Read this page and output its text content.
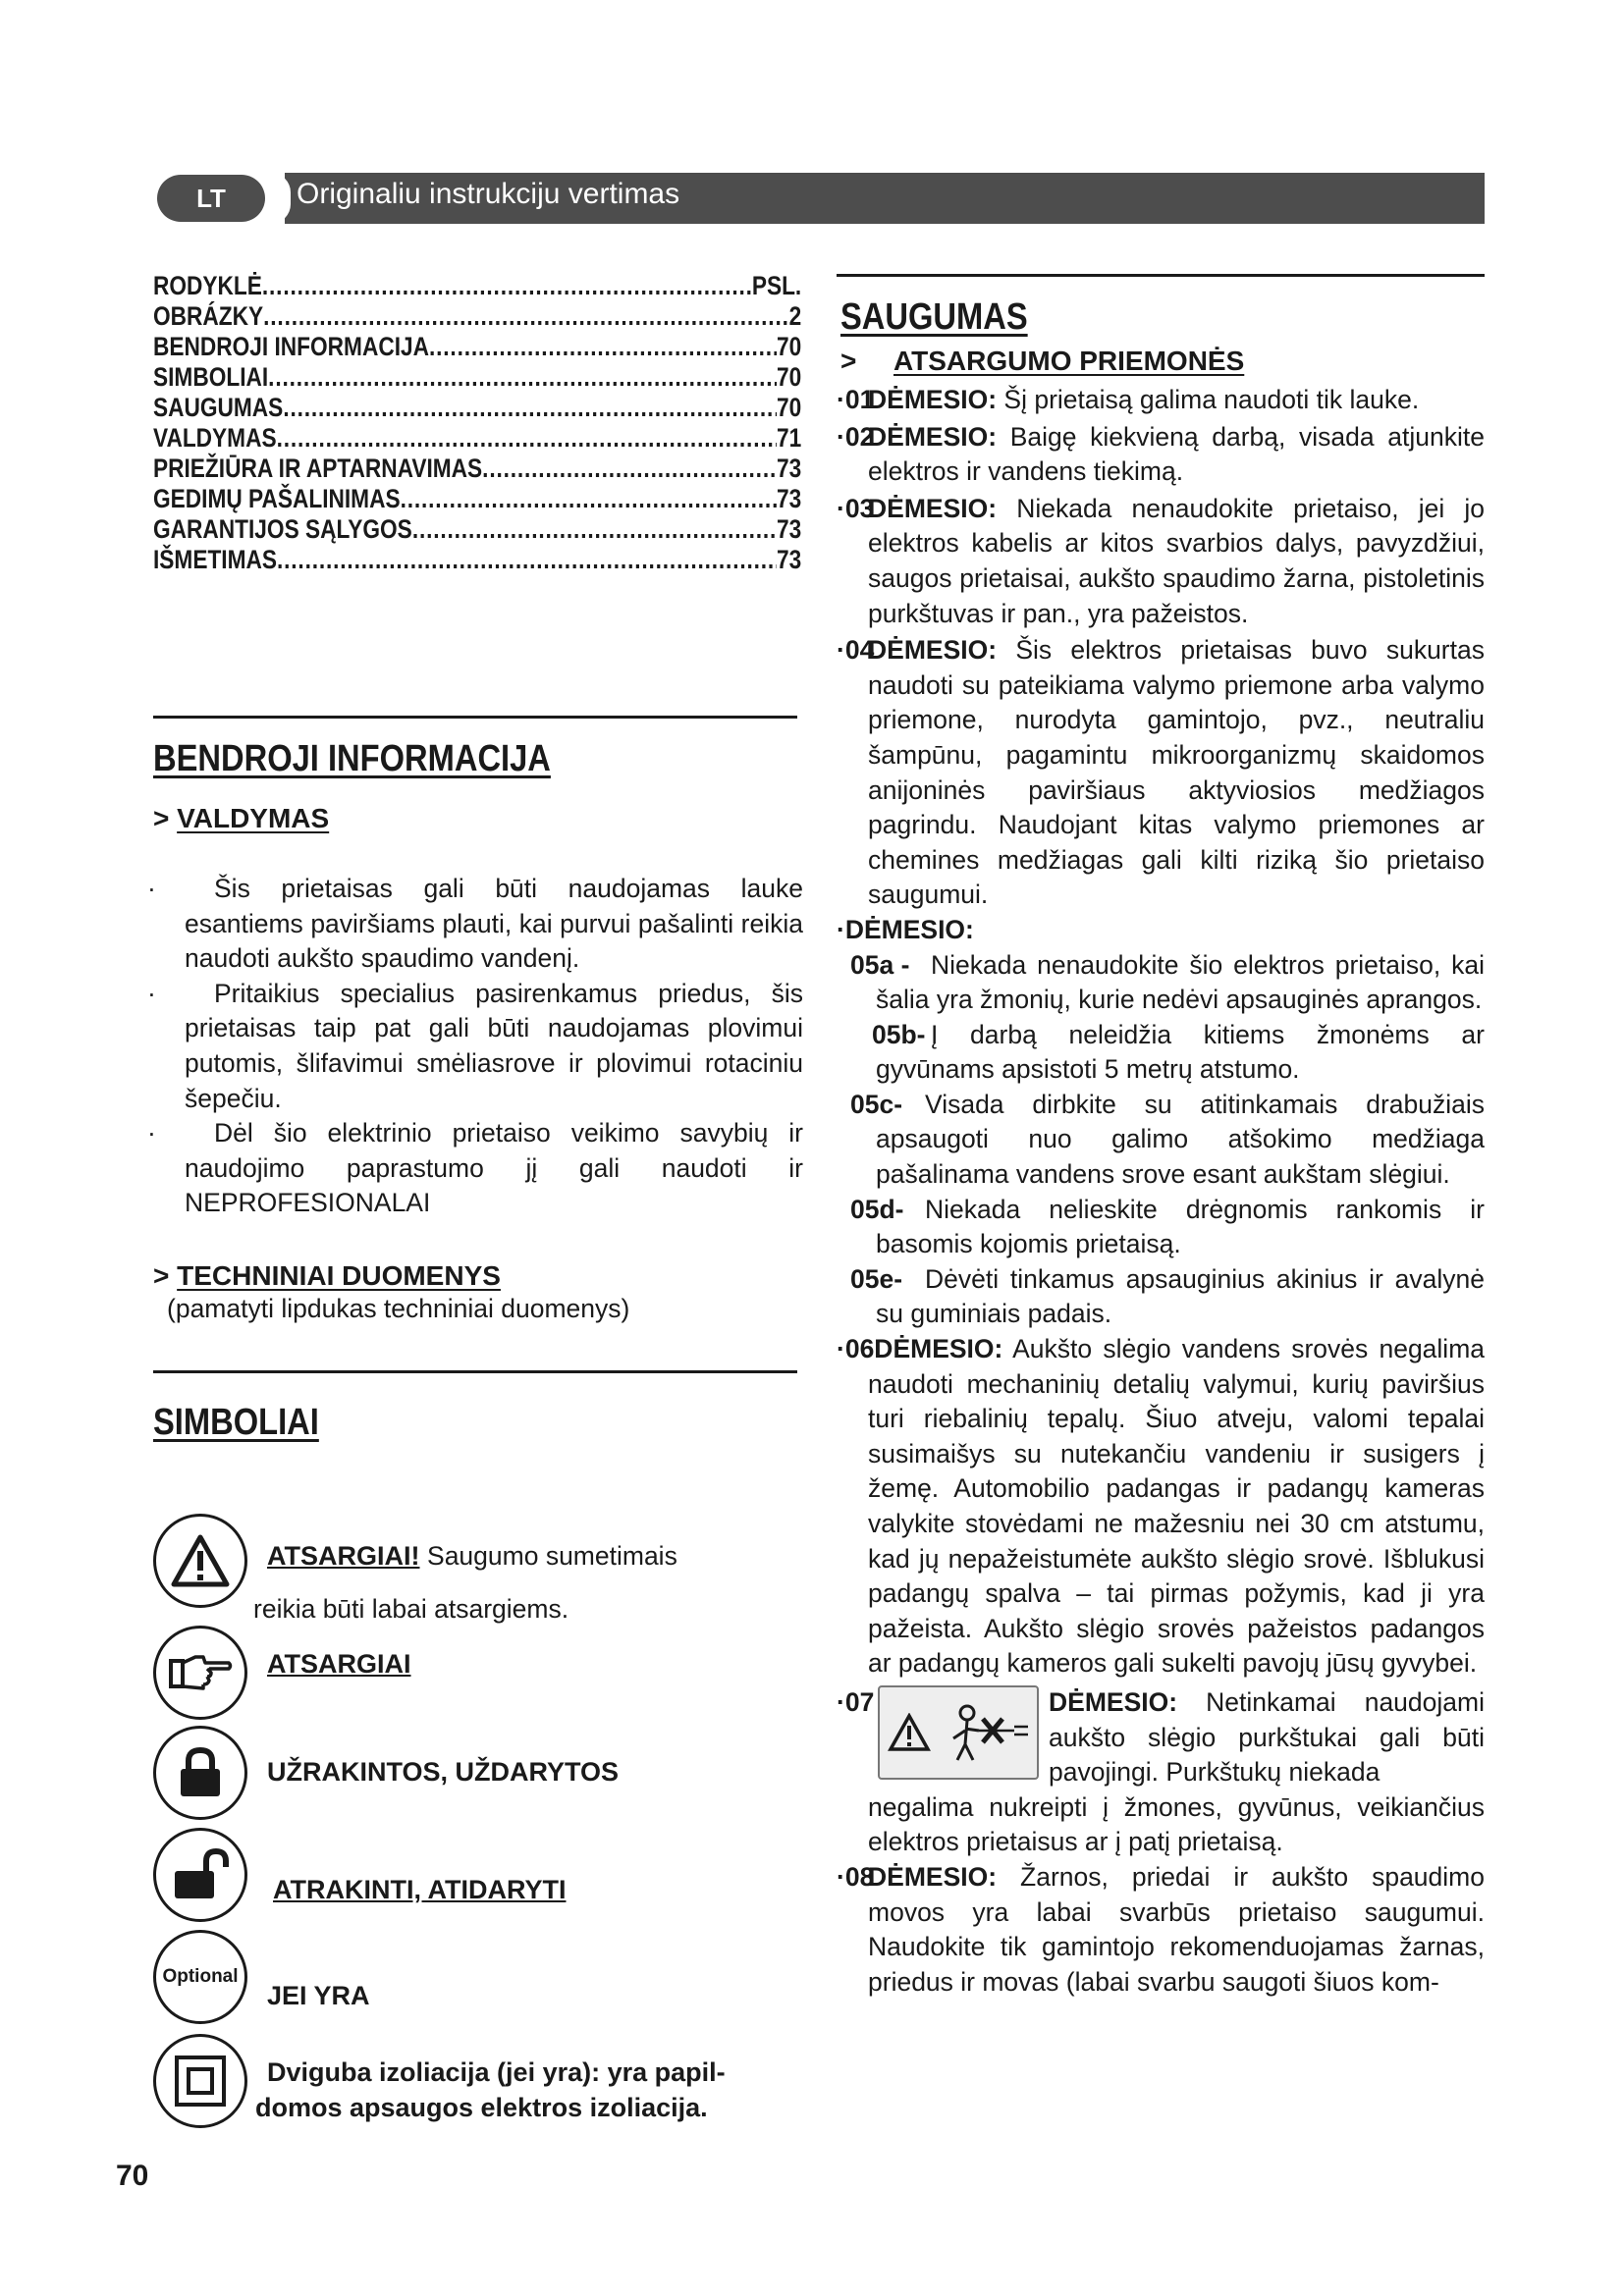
LT	Originaliu instrukciju vertimas
RODYKLĖ .....	PSL.
OBRÁZKY .....	2
BENDROJI INFORMACIJA .....	70
SIMBOLIAI .....	70
SAUGUMAS .....	70
VALDYMAS .....	71
PRIEŽIŪRA IR APTARNAVIMAS .....	73
GEDIMŲ PAŠALINIMAS .....	73
GARANTIJOS SĄLYGOS .....	73
IŠMETIMAS .....	73
BENDROJI INFORMACIJA
> VALDYMAS
· Šis prietaisas gali būti naudojamas lauke esantiems paviršiams plauti, kai purvui pašalinti reikia naudoti aukšto spaudimo vandenį.
· Pritaikius specialius pasirenkamus priedus, šis prietaisas taip pat gali būti naudojamas plovimui putomis, šlifavimui smėliasrove ir plovimui rotaciniu šepečiu.
· Dėl šio elektrinio prietaiso veikimo savybių ir naudojimo paprastumo jį gali naudoti ir NEPROFESIONALAI
> TECHNINIAI DUOMENYS
(pamatyti lipdukas techniniai duomenys)
SIMBOLIAI
ATSARGIAI! Saugumo sumetimais
reikia būti labai atsargiems.
ATSARGIAI
UŽRAKINTOS, UŽDARYTOS
ATRAKINTI, ATIDARYTI
Optional
JEI YRA
Dviguba izoliacija (jei yra): yra papil-
domos apsaugos elektros izoliacija.
70
SAUGUMAS
> ATSARGUMO PRIEMONĖS
·01
DĖMESIO: Šį prietaisą galima naudoti tik lauke.
·02
DĖMESIO: Baigę kiekvieną darbą, visada atjunkite elektros ir vandens tiekimą.
·03
DĖMESIO: Niekada nenaudokite prietaiso, jei jo elektros kabelis ar kitos svarbios dalys, pavyzdžiui, saugos prietaisai, aukšto spaudimo žarna, pistoletinis purkštuvas ir pan., yra pažeistos.
·04
DĖMESIO: Šis elektros prietaisas buvo sukurtas naudoti su pateikiama valymo priemone arba valymo priemone, nurodyta gamintojo, pvz., neutraliu šampūnu, pagamintu mikroorganizmų skaidomos anijoninės paviršiaus aktyviosios medžiagos pagrindu. Naudojant kitas valymo priemones ar chemines medžiagas gali kilti riziką šio prietaiso saugumui.
·DĖMESIO:
05a - Niekada nenaudokite šio elektros prietaiso, kai šalia yra žmonių, kurie nedėvi apsauginės aprangos.
05b- Į darbą neleidžia kitiems žmonėms ar gyvūnams apsistoti 5 metrų atstumo.
05c- Visada dirbkite su atitinkamais drabužiais apsaugoti nuo galimo atšokimo medžiaga pašalinama vandens srove esant aukštam slėgiui.
05d- Niekada nelieskite drėgnomis rankomis ir basomis kojomis prietaisą.
05e- Dėvėti tinkamus apsauginius akinius ir avalynė su guminiais padais.
·06DĖMESIO: Aukšto slėgio vandens srovės negalima naudoti mechaninių detalių valymui, kurių paviršius turi riebalinių tepalų. Šiuo atveju, valomi tepalai susimaišys su nutekančiu vandeniu ir susigers į žemę. Automobilio padangas ir padangų kameras valykite stovėdami ne mažesniu nei 30 cm atstumu, kad jų nepažeistumėte aukšto slėgio srovė. Išblukusi padangų spalva – tai pirmas požymis, kad ji yra pažeista. Aukšto slėgio srovės pažeistos padangos ar padangų kameros gali sukelti pavojų jūsų gyvybei.
·07	DĖMESIO: Netinkamai naudojami aukšto slėgio purkštukai gali būti pavojingi. Purkštukų niekada
negalima nukreipti į žmones, gyvūnus, veikiančius elektros prietaisus ar į patį prietaisą.
·08
DĖMESIO: Žarnos, priedai ir aukšto spaudimo movos yra labai svarbūs prietaiso saugumui. Naudokite tik gamintojo rekomenduojamas žarnas, priedus ir movas (labai svarbu saugoti šiuos kom-
